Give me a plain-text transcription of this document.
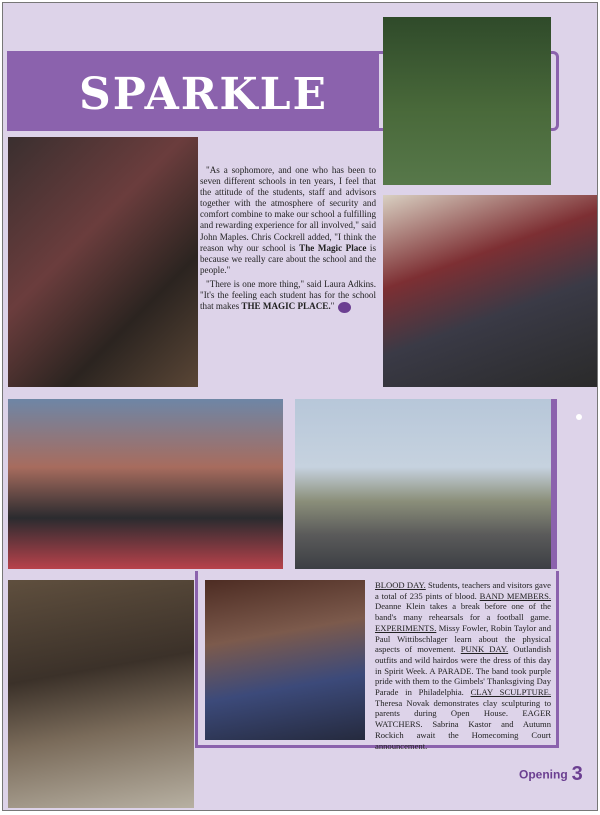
SPARKLE

"As a sophomore, and one who has been to seven different schools in ten years, I feel that the attitude of the students, staff and advisors together with the atmosphere of security and comfort combine to make our school a fulfilling and rewarding experience for all involved," said John Maples. Chris Cockrell added, "I think the reason why our school is The Magic Place is because we really care about the school and the people."

"There is one more thing," said Laura Adkins. "It's the feeling each student has for the school that makes THE MAGIC PLACE."

BLOOD DAY. Students, teachers and visitors gave a total of 235 pints of blood. BAND MEMBERS. Deanne Klein takes a break before one of the band's many rehearsals for a football game. EXPERIMENTS. Missy Fowler, Robin Taylor and Paul Wittibschlager learn about the physical aspects of movement. PUNK DAY. Outlandish outfits and wild hairdos were the dress of this day in Spirit Week. A PARADE. The band took purple pride with them to the Gimbels' Thanksgiving Day Parade in Philadelphia. CLAY SCULPTURE. Theresa Novak demonstrates clay sculpturing to parents during Open House. EAGER WATCHERS. Sabrina Kastor and Autumn Rockich await the Homecoming Court announcement.
Opening 3
